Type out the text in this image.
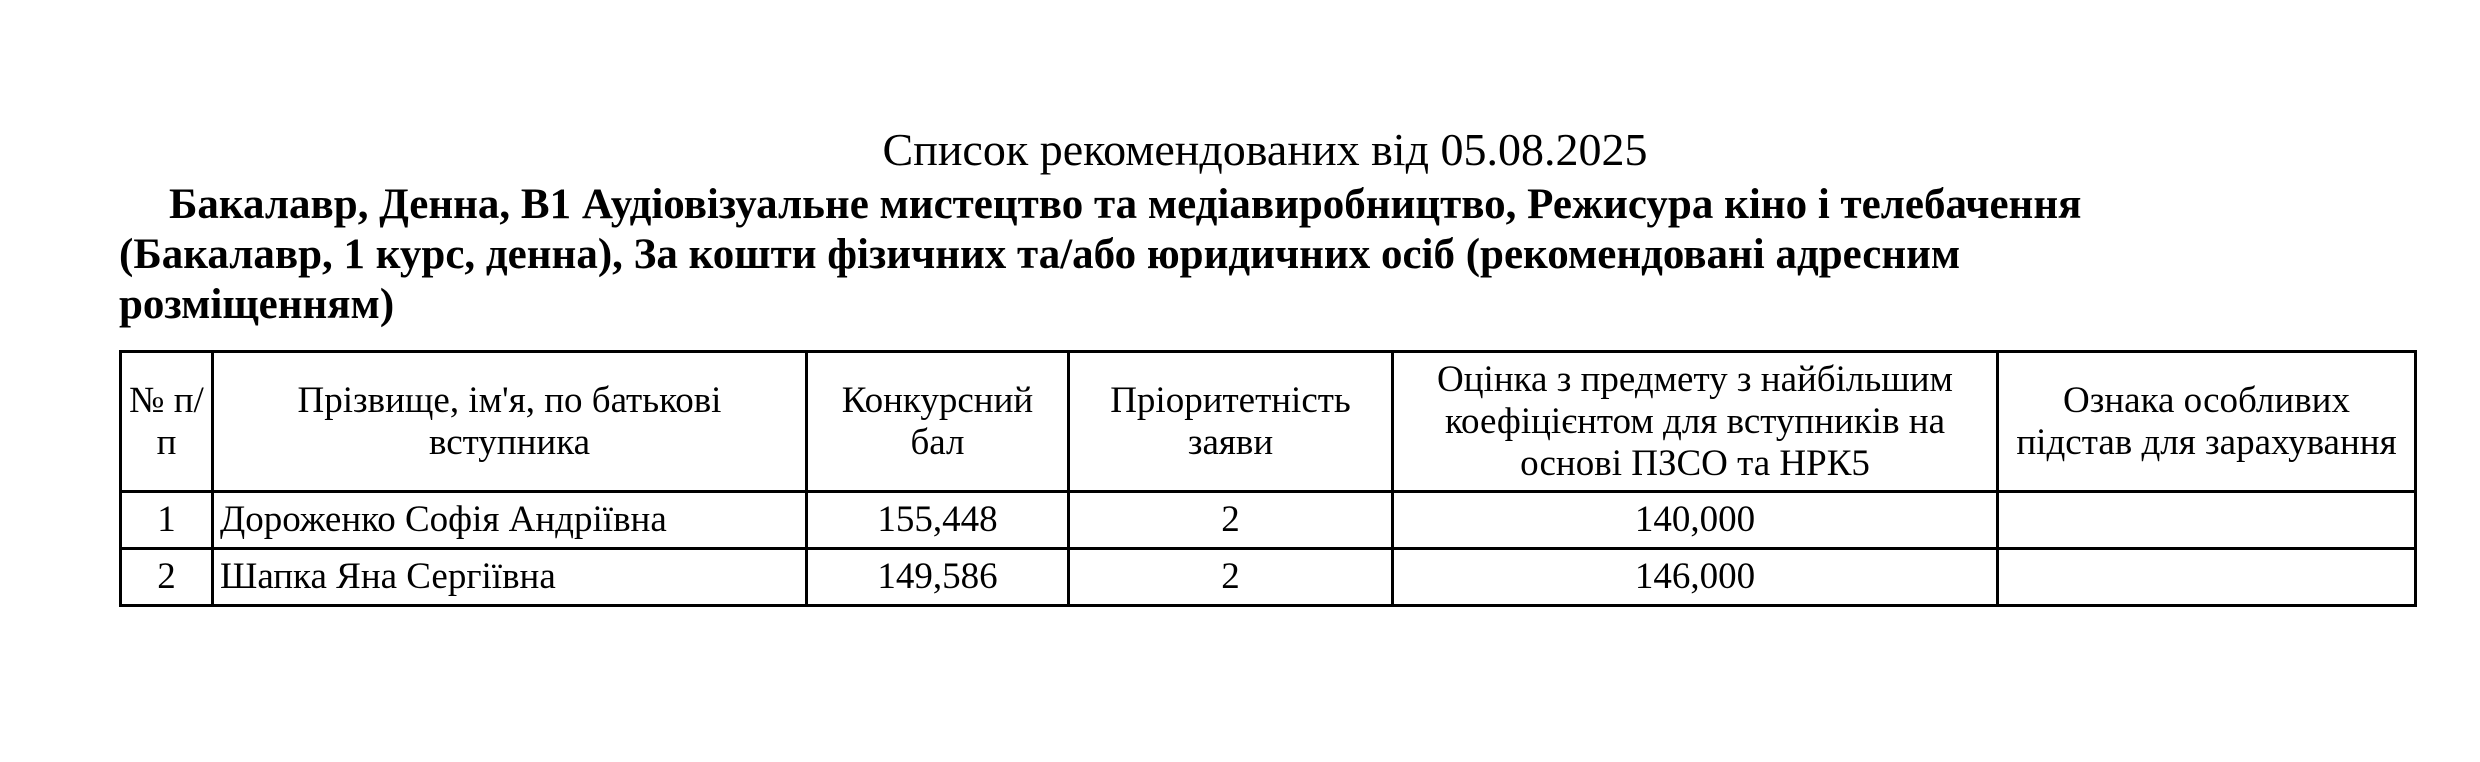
Список рекомендованих від 05.08.2025
Бакалавр, Денна, В1 Аудіовізуальне мистецтво та медіавиробництво, Режисура кіно і телебачення
(Бакалавр, 1 курс, денна), За кошти фізичних та/або юридичних осіб (рекомендовані адресним
розміщенням)
№ п/п	Прізвище, ім'я, по батькові вступника	Конкурсний бал	Пріоритетність заяви	Оцінка з предмету з найбільшим коефіцієнтом для вступників на основі ПЗСО та НРК5	Ознака особливих підстав для зарахування
1	Дороженко Софія Андріївна	155,448	2	140,000	
2	Шапка Яна Сергіївна	149,586	2	146,000	
